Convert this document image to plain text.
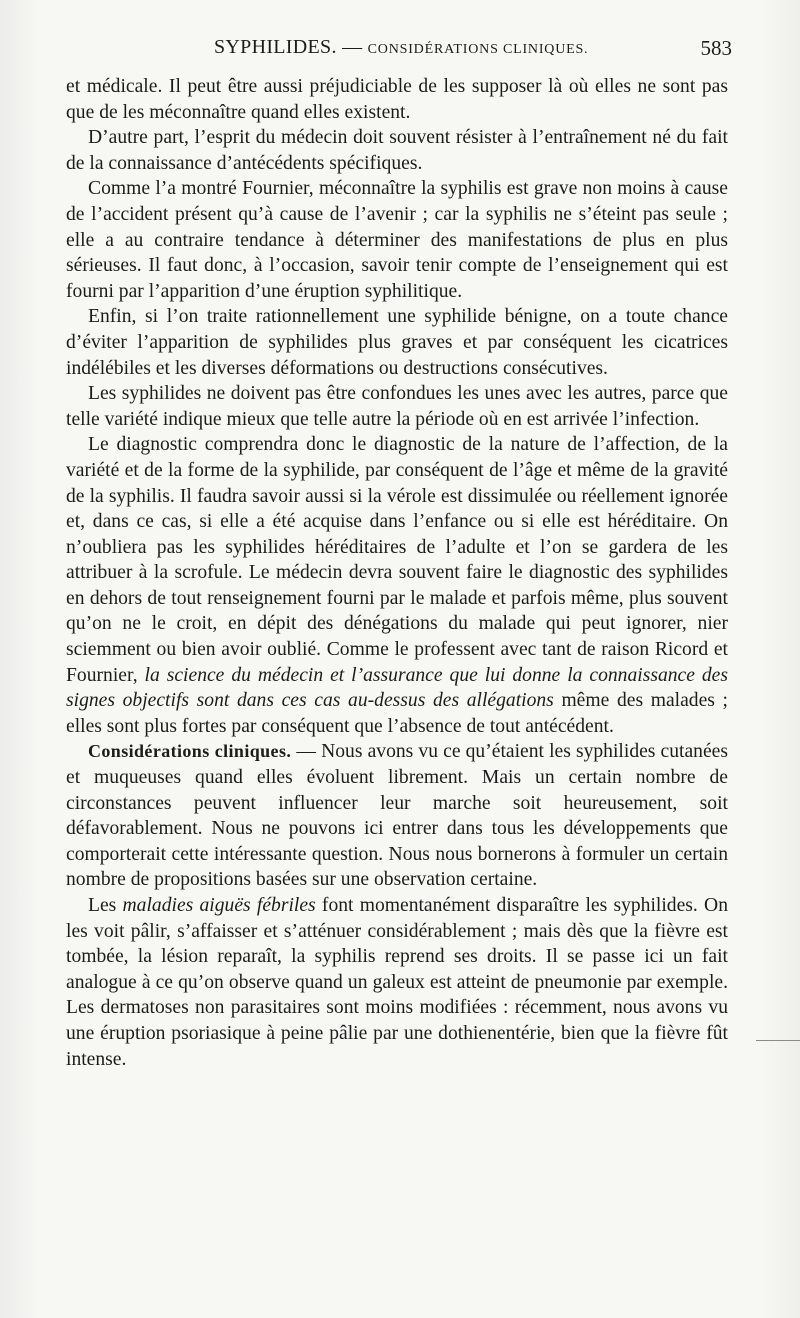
SYPHILIDES. — CONSIDÉRATIONS CLINIQUES.	583

et médicale. Il peut être aussi préjudiciable de les supposer là où elles ne sont pas que de les méconnaître quand elles existent.

D’autre part, l’esprit du médecin doit souvent résister à l’entraînement né du fait de la connaissance d’antécédents spécifiques.

Comme l’a montré Fournier, méconnaître la syphilis est grave non moins à cause de l’accident présent qu’à cause de l’avenir ; car la syphilis ne s’éteint pas seule ; elle a au contraire tendance à déterminer des manifestations de plus en plus sérieuses. Il faut donc, à l’occasion, savoir tenir compte de l’enseignement qui est fourni par l’apparition d’une éruption syphilitique.

Enfin, si l’on traite rationnellement une syphilide bénigne, on a toute chance d’éviter l’apparition de syphilides plus graves et par conséquent les cicatrices indélébiles et les diverses déformations ou destructions consécutives.

Les syphilides ne doivent pas être confondues les unes avec les autres, parce que telle variété indique mieux que telle autre la période où en est arrivée l’infection.

Le diagnostic comprendra donc le diagnostic de la nature de l’affection, de la variété et de la forme de la syphilide, par conséquent de l’âge et même de la gravité de la syphilis. Il faudra savoir aussi si la vérole est dissimulée ou réellement ignorée et, dans ce cas, si elle a été acquise dans l’enfance ou si elle est héréditaire. On n’oubliera pas les syphilides héréditaires de l’adulte et l’on se gardera de les attribuer à la scrofule. Le médecin devra souvent faire le diagnostic des syphilides en dehors de tout renseignement fourni par le malade et parfois même, plus souvent qu’on ne le croit, en dépit des dénégations du malade qui peut ignorer, nier sciemment ou bien avoir oublié. Comme le professent avec tant de raison Ricord et Fournier, la science du médecin et l’assurance que lui donne la connaissance des signes objectifs sont dans ces cas au-dessus des allégations même des malades ; elles sont plus fortes par conséquent que l’absence de tout antécédent.

Considérations cliniques. — Nous avons vu ce qu’étaient les syphilides cutanées et muqueuses quand elles évoluent librement. Mais un certain nombre de circonstances peuvent influencer leur marche soit heureusement, soit défavorablement. Nous ne pouvons ici entrer dans tous les développements que comporterait cette intéressante question. Nous nous bornerons à formuler un certain nombre de propositions basées sur une observation certaine.

Les maladies aiguës fébriles font momentanément disparaître les syphilides. On les voit pâlir, s’affaisser et s’atténuer considérablement ; mais dès que la fièvre est tombée, la lésion reparaît, la syphilis reprend ses droits. Il se passe ici un fait analogue à ce qu’on observe quand un galeux est atteint de pneumonie par exemple. Les dermatoses non parasitaires sont moins modifiées : récemment, nous avons vu une éruption psoriasique à peine pâlie par une dothienentérie, bien que la fièvre fût intense.
